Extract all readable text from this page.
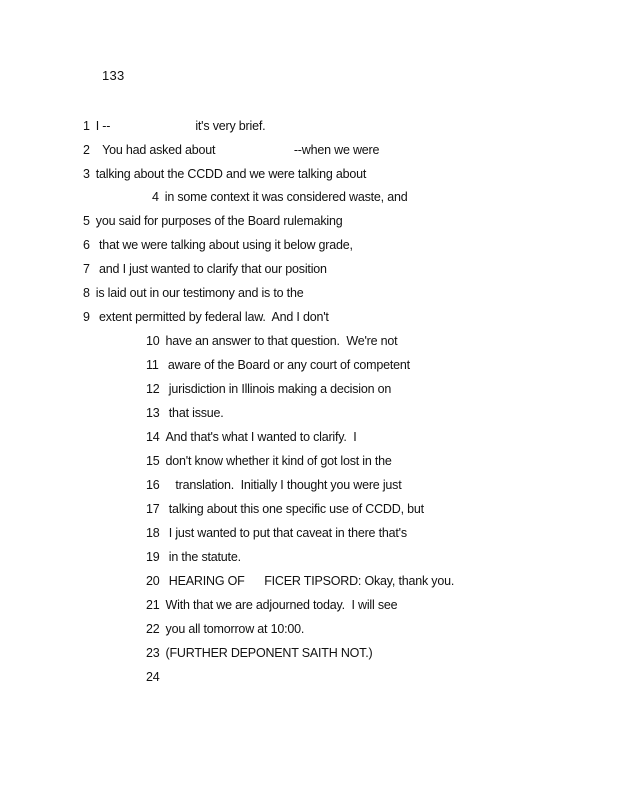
133
1 I --                          it's very brief.
2  You had asked about                        --when we were
3 talking about the CCDD and we were talking about
4 in some context it was considered waste, and
5 you said for purposes of the Board rulemaking
6 that we were talking about using it below grade,
7 and I just wanted to clarify that our position
8 is laid out in our testimony and is to the
9 extent permitted by federal law.  And I don't
10 have an answer to that question.  We're not
11 aware of the Board or any court of competent
12 jurisdiction in Illinois making a decision on
13 that issue.
14 And that's what I wanted to clarify.  I
15 don't know whether it kind of got lost in the
16   translation.  Initially I thought you were just
17 talking about this one specific use of CCDD, but
18 I just wanted to put that caveat in there that's
19 in the statute.
20 HEARING OF      FICER TIPSORD: Okay, thank you.
21 With that we are adjourned today.  I will see
22 you all tomorrow at 10:00.
23 (FURTHER DEPONENT SAITH NOT.)
24
